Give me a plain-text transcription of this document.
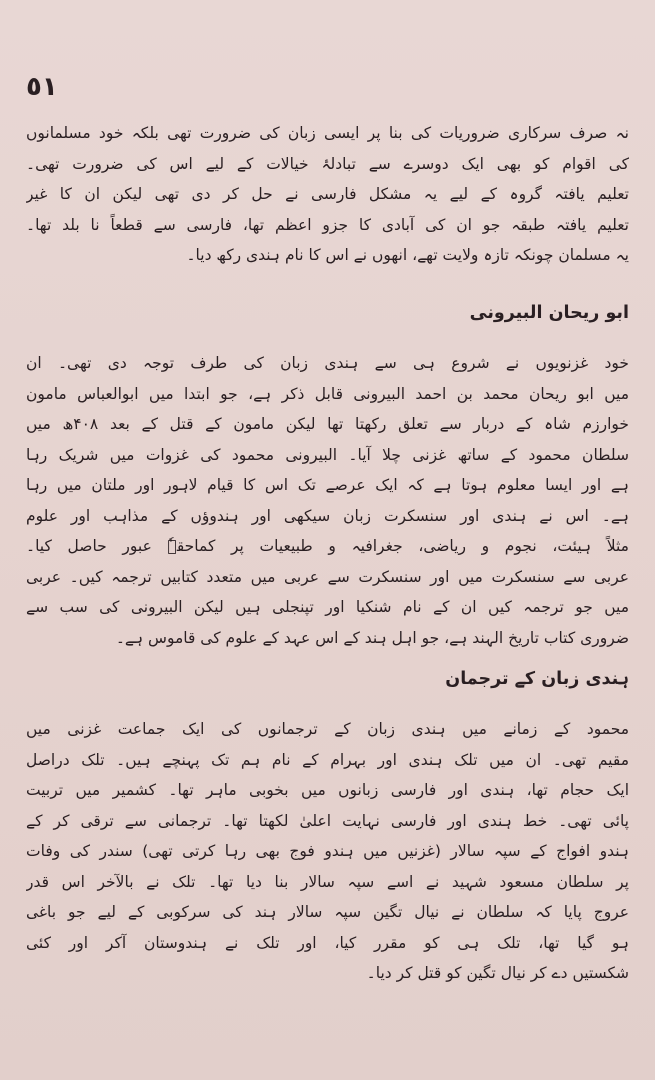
٥١
نہ صرف سرکاری ضروریات کی بنا پر ایسی زبان کی ضرورت تھی بلکہ خود مسلمانوں
کی اقوام کو بھی ایک دوسرے سے تبادلۂ خیالات کے لیے اس کی ضرورت تھی۔
تعلیم یافتہ گروہ کے لیے یہ مشکل فارسی نے حل کر دی تھی لیکن ان کا غیر
تعلیم یافتہ طبقہ جو ان کی آبادی کا جزو اعظم تھا، فارسی سے قطعاً نا بلد تھا۔
یہ مسلمان چونکہ تازہ ولایت تھے، انھوں نے اس کا نام ہندی رکھ دیا۔
ابو ریحان البیرونی
خود غزنویوں نے شروع ہی سے ہندی زبان کی طرف توجہ دی تھی۔ ان
میں ابو ریحان محمد بن احمد البیرونی قابل ذکر ہے، جو ابتدا میں ابوالعباس مامون
خوارزم شاہ کے دربار سے تعلق رکھتا تھا لیکن مامون کے قتل کے بعد ۴۰۸ھ میں
سلطان محمود کے ساتھ غزنی چلا آیا۔ البیرونی محمود کی غزوات میں شریک رہا
ہے اور ایسا معلوم ہوتا ہے کہ ایک عرصے تک اس کا قیام لاہور اور ملتان میں رہا
ہے۔ اس نے ہندی اور سنسکرت زبان سیکھی اور ہندوؤں کے مذاہب اور علوم
مثلاً ہیئت، نجوم و ریاضی، جغرافیہ و طبیعیات پر کماحقہٗ عبور حاصل کیا۔
عربی سے سنسکرت میں اور سنسکرت سے عربی میں متعدد کتابیں ترجمہ کیں۔ عربی
میں جو ترجمہ کیں ان کے نام شنکیا اور تپنجلی ہیں لیکن البیرونی کی سب سے
ضروری کتاب تاریخ الہند ہے، جو اہل ہند کے اس عہد کے علوم کی قاموس ہے۔
ہندی زبان کے ترجمان
محمود کے زمانے میں ہندی زبان کے ترجمانوں کی ایک جماعت غزنی میں
مقیم تھی۔ ان میں تلک ہندی اور بہرام کے نام ہم تک پہنچے ہیں۔ تلک دراصل
ایک حجام تھا، ہندی اور فارسی زبانوں میں بخوبی ماہر تھا۔ کشمیر میں تربیت
پائی تھی۔ خط ہندی اور فارسی نہایت اعلیٰ لکھتا تھا۔ ترجمانی سے ترقی کر کے
ہندو افواج کے سپہ سالار (غزنیں میں ہندو فوج بھی رہا کرتی تھی) سندر کی وفات
پر سلطان مسعود شہید نے اسے سپہ سالار بنا دیا تھا۔ تلک نے بالآخر اس قدر
عروج پایا کہ سلطان نے نیال تگین سپہ سالار ہند کی سرکوبی کے لیے جو باغی
ہو گیا تھا، تلک ہی کو مقرر کیا، اور تلک نے ہندوستان آکر اور کئی
شکستیں دے کر نیال تگین کو قتل کر دیا۔
